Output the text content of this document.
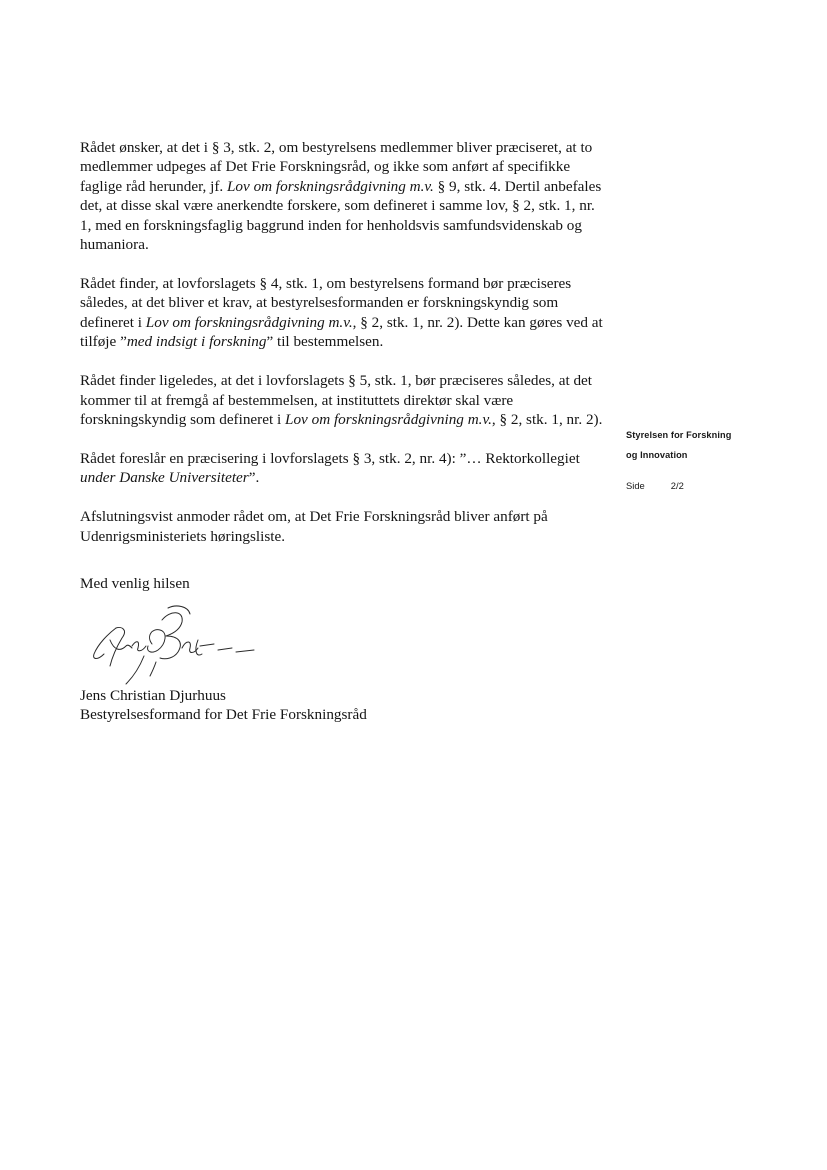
Rådet ønsker, at det i § 3, stk. 2, om bestyrelsens medlemmer bliver præciseret, at to medlemmer udpeges af Det Frie Forskningsråd, og ikke som anført af specifikke faglige råd herunder, jf. Lov om forskningsrådgivning m.v. § 9, stk. 4. Dertil anbefales det, at disse skal være anerkendte forskere, som defineret i samme lov, § 2, stk. 1, nr. 1, med en forskningsfaglig baggrund inden for henholdsvis samfundsvidenskab og humaniora.

Rådet finder, at lovforslagets § 4, stk. 1, om bestyrelsens formand bør præciseres således, at det bliver et krav, at bestyrelsesformanden er forskningskyndig som defineret i Lov om forskningsrådgivning m.v., § 2, stk. 1, nr. 2). Dette kan gøres ved at tilføje ”med indsigt i forskning” til bestemmelsen.

Rådet finder ligeledes, at det i lovforslagets § 5, stk. 1, bør præciseres således, at det kommer til at fremgå af bestemmelsen, at instituttets direktør skal være forskningskyndig som defineret i Lov om forskningsrådgivning m.v., § 2, stk. 1, nr. 2).

Rådet foreslår en præcisering i lovforslagets § 3, stk. 2, nr. 4): ”… Rektorkollegiet under Danske Universiteter”.

Afslutningsvist anmoder rådet om, at Det Frie Forskningsråd bliver anført på Udenrigsministeriets høringsliste.

Styrelsen for Forskning
og Innovation
Side	2/2
Med venlig hilsen
Jens Christian Djurhuus
Bestyrelsesformand for Det Frie Forskningsråd
